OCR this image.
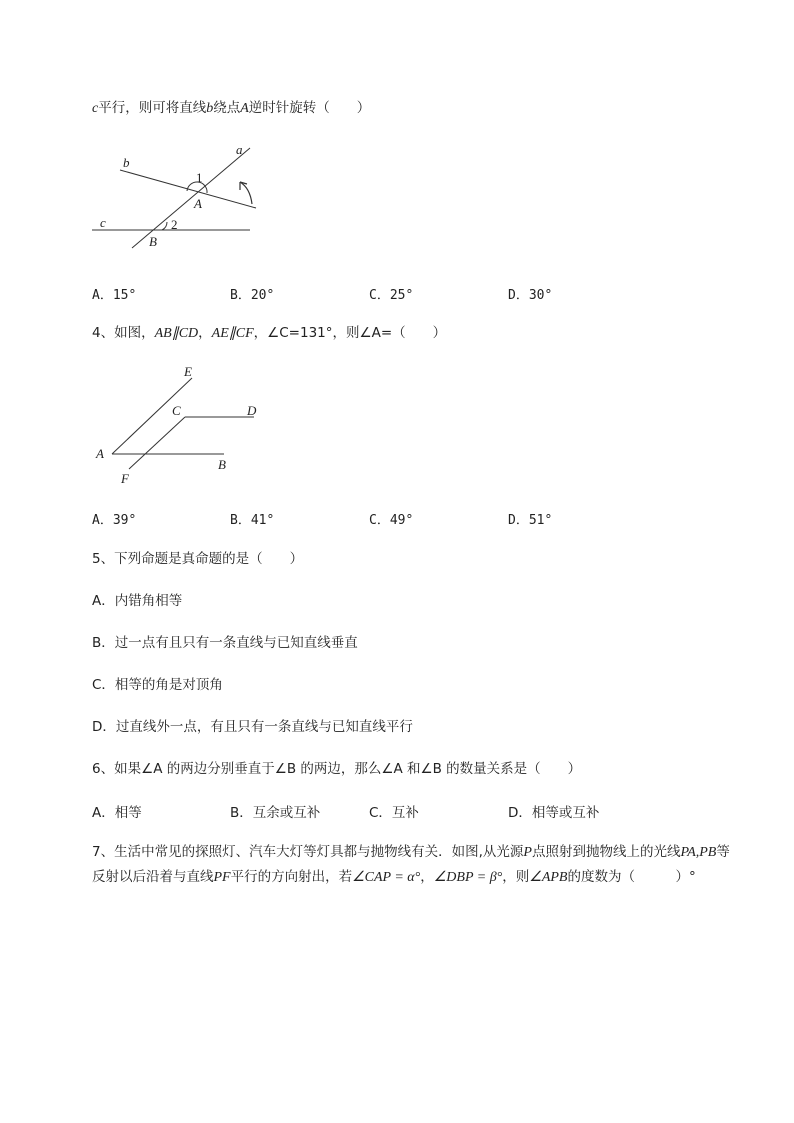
c平行，则可将直线b绕点A逆时针旋转（　　）
a
b
c
1
2
A
B
A．15°	B．20°	C．25°	D．30°
4、如图，AB∥CD，AE∥CF，∠C=131°，则∠A=（　　）
E
C	D
A
B
F
A．39°	B．41°	C．49°	D．51°
5、下列命题是真命题的是（　　）
A．内错角相等
B．过一点有且只有一条直线与已知直线垂直
C．相等的角是对顶角
D．过直线外一点，有且只有一条直线与已知直线平行
6、如果∠A 的两边分别垂直于∠B 的两边，那么∠A 和∠B 的数量关系是（　　）
A．相等	B．互余或互补	C．互补	D．相等或互补
7、生活中常见的探照灯、汽车大灯等灯具都与抛物线有关．如图,从光源P点照射到抛物线上的光线PA,PB等反射以后沿着与直线PF平行的方向射出，若∠CAP = α°，∠DBP = β°，则∠APB的度数为（　　　）°
